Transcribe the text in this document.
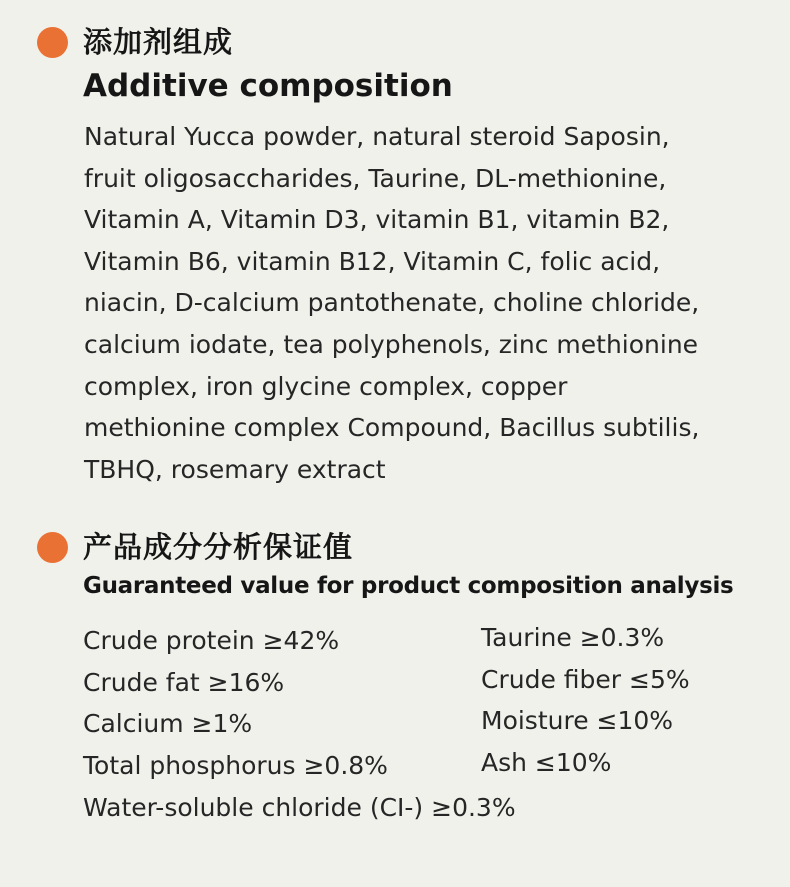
添加剂组成
Additive composition
Natural Yucca powder, natural steroid Saposin,
fruit oligosaccharides, Taurine, DL-methionine,
Vitamin A, Vitamin D3, vitamin B1, vitamin B2,
Vitamin B6, vitamin B12, Vitamin C, folic acid,
niacin, D-calcium pantothenate, choline chloride,
calcium iodate, tea polyphenols, zinc methionine
complex, iron glycine complex, copper
methionine complex Compound, Bacillus subtilis,
TBHQ, rosemary extract
产品成分分析保证值
Guaranteed value for product composition analysis
Crude protein ≥42%
Crude fat ≥16%
Calcium ≥1%
Total phosphorus ≥0.8%
Water-soluble chloride (CI-) ≥0.3%
Taurine ≥0.3%
Crude fiber ≤5%
Moisture ≤10%
Ash ≤10%
